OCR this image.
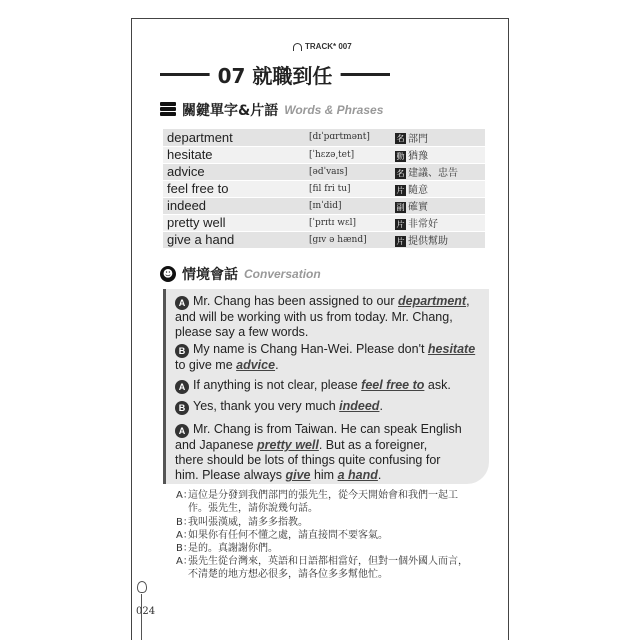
TRACK* 007
07 就職到任
關鍵單字&片語 Words & Phrases
department	[dɪˈpɑrtmənt]	名 部門
hesitate	[ˈhɛzə͵tet]	動 猶豫
advice	[ədˈvaɪs]	名 建議、忠告
feel free to	[fil fri tu]	片 隨意
indeed	[ɪnˈdid]	副 確實
pretty well	[ˈprɪtɪ wɛl]	片 非常好
give a hand	[gɪv ə hænd]	片 提供幫助
☻ 情境會話 Conversation
A Mr. Chang has been assigned to our department,
and will be working with us from today. Mr. Chang,
please say a few words.
B My name is Chang Han-Wei. Please don't hesitate
to give me advice.
A If anything is not clear, please feel free to ask.
B Yes, thank you very much indeed.
A Mr. Chang is from Taiwan. He can speak English
and Japanese pretty well. But as a foreigner,
there should be lots of things quite confusing for
him. Please always give him a hand.
A：這位是分發到我們部門的張先生，從今天開始會和我們一起工
作。張先生，請你說幾句話。
B：我叫張漢威，請多多指教。
A：如果你有任何不懂之處，請直接問不要客氣。
B：是的。真謝謝你們。
A：張先生從台灣來，英語和日語都相當好，但對一個外國人而言，
不清楚的地方想必很多，請各位多多幫他忙。
024
